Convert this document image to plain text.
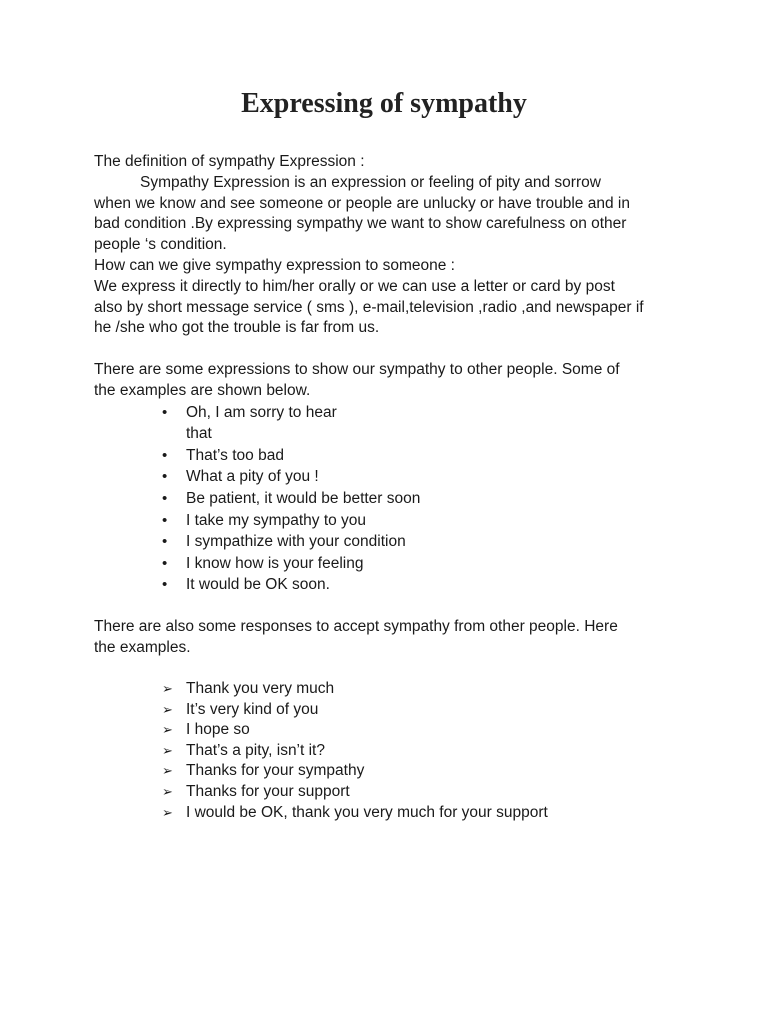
Expressing of sympathy

The definition of sympathy Expression :

Sympathy Expression is an expression or feeling of pity and sorrow

when we know and see someone or people are unlucky or have trouble and in

bad condition .By expressing sympathy we want to show carefulness on other

people ‘s condition.

How can we give sympathy expression to someone :

We express it directly to him/her orally or we can use a letter or card by post

also by short message service ( sms ), e-mail,television ,radio ,and newspaper if

he /she who got the trouble is far from us.

There are some expressions to show our sympathy to other people. Some of

the examples are shown below.

• Oh, I am sorry to hear that
• That’s too bad
• What a pity of you !
• Be patient, it would be better soon
• I take my sympathy to you
• I sympathize with your condition
• I know how is your feeling
• It would be OK soon.

There are also some responses to accept sympathy from other people. Here

the examples.

➢ Thank you very much
➢ It’s very kind of you
➢ I hope so
➢ That’s a pity, isn’t it?
➢ Thanks for your sympathy
➢ Thanks for your support
➢ I would be OK, thank you very much for your support
